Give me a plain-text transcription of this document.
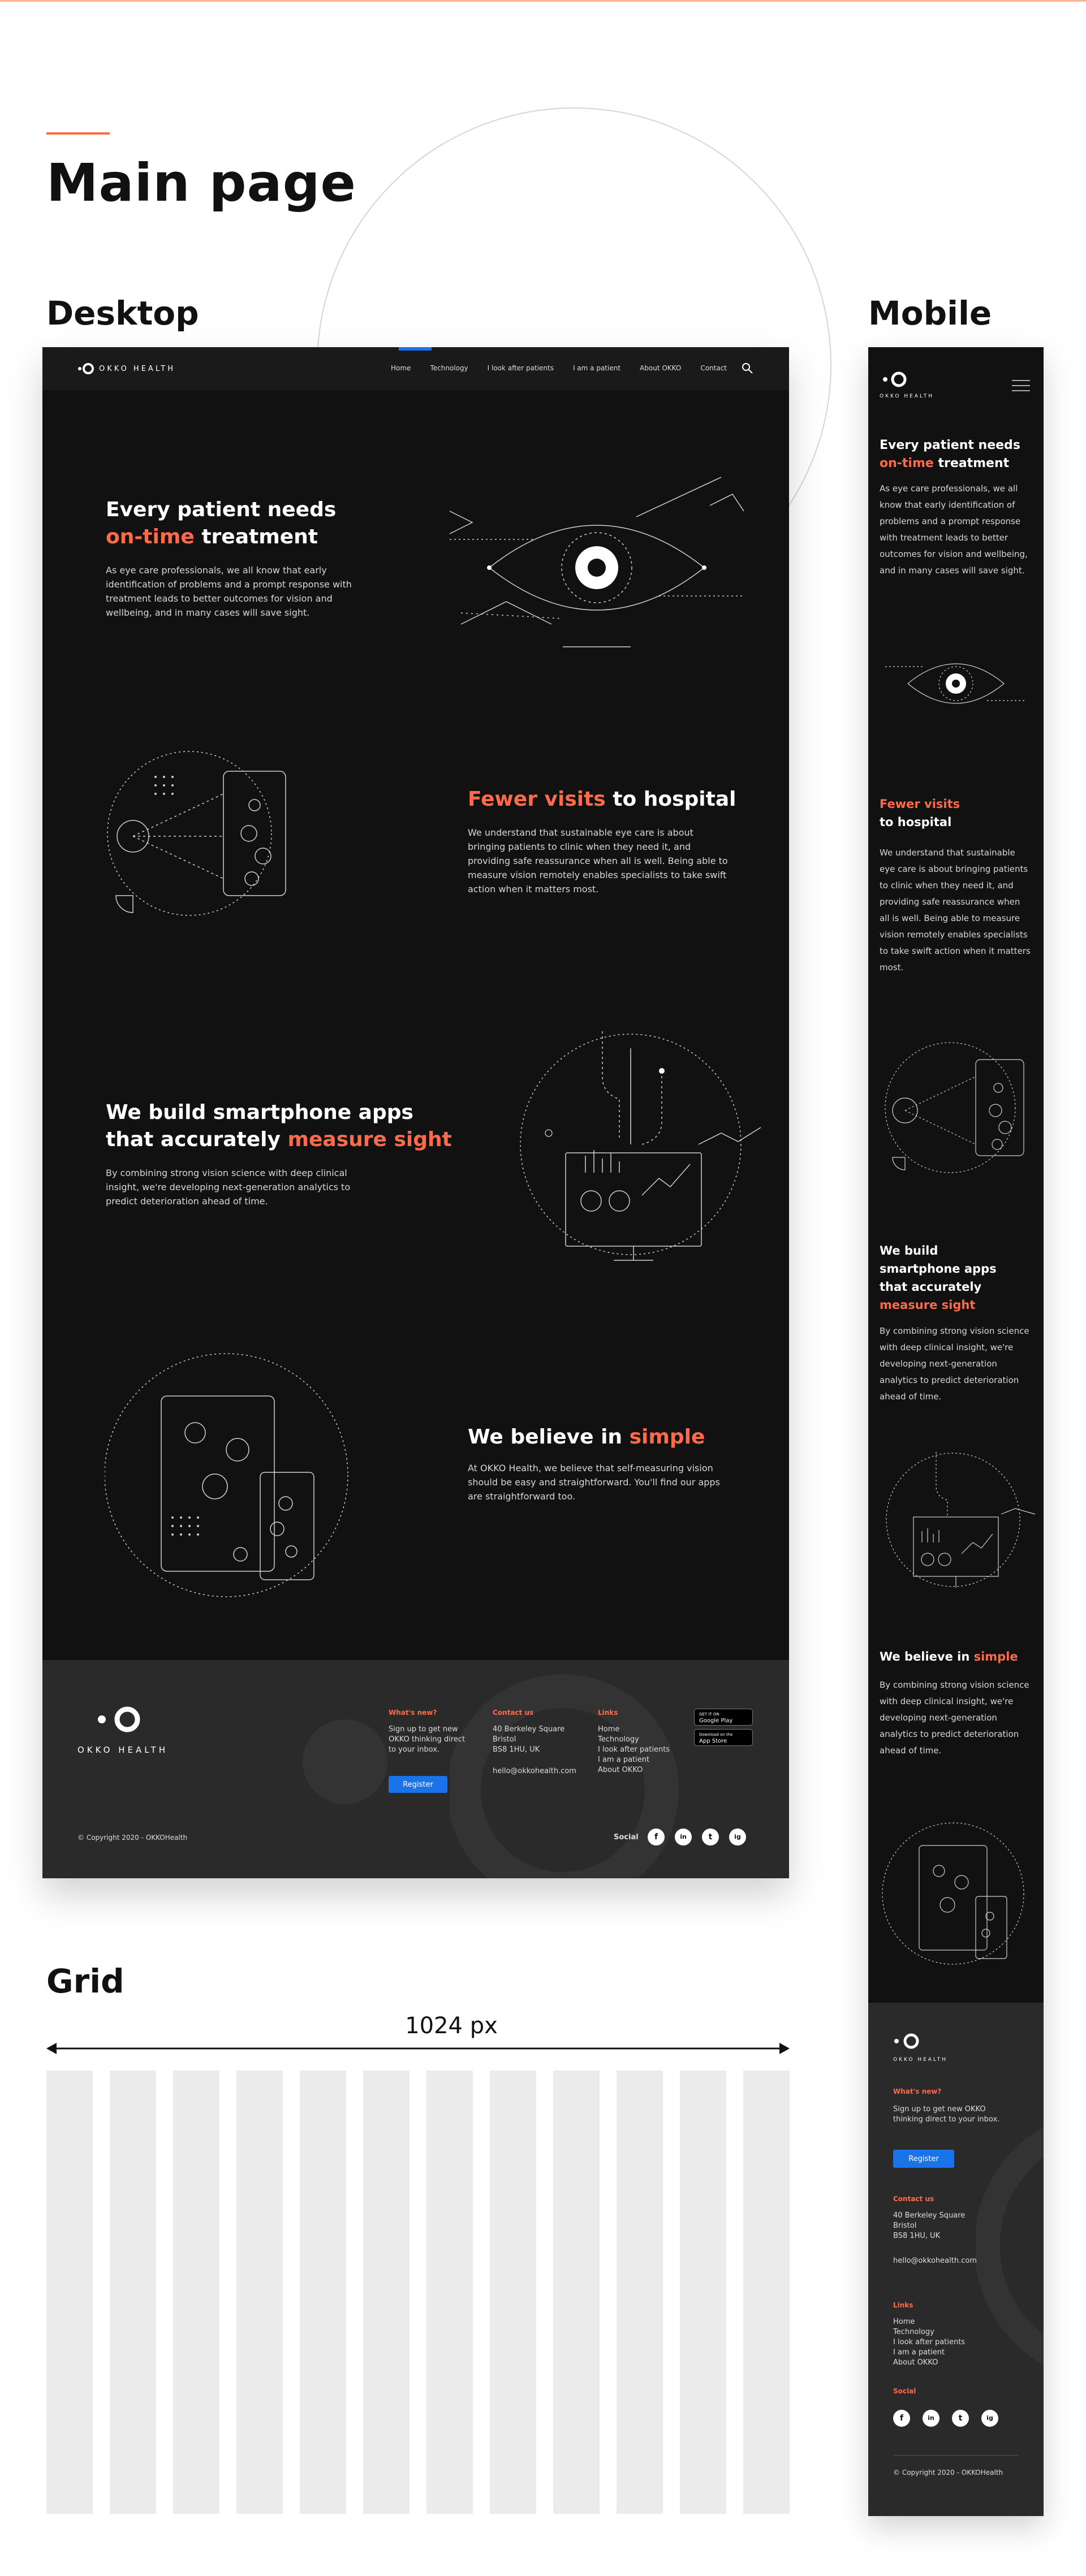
Main page
Desktop	Mobile
OKKO HEALTH	Home	Technology	I look after patients	I am a patient	About OKKO	Contact
Every patient needs
on-time treatment
As eye care professionals, we all know that early identification of problems and a prompt response with treatment leads to better outcomes for vision and wellbeing, and in many cases will save sight.
Fewer visits to hospital
We understand that sustainable eye care is about bringing patients to clinic when they need it, and providing safe reassurance when all is well. Being able to measure vision remotely enables specialists to take swift action when it matters most.
We build smartphone apps
that accurately measure sight
By combining strong vision science with deep clinical insight, we're developing next-generation analytics to predict deterioration ahead of time.
We believe in simple
At OKKO Health, we believe that self-measuring vision should be easy and straightforward. You'll find our apps are straightforward too.
OKKO HEALTH
What's new?
Sign up to get new OKKO thinking direct to your inbox.
Register
Contact us
40 Berkeley Square
Bristol
BS8 1HU, UK
hello@okkohealth.com
Links
Home
Technology
I look after patients
I am a patient
About OKKO
GET IT ON
Google Play
Download on the
App Store
© Copyright 2020 - OKKOHealth	Social	f	in	t	ig
OKKO HEALTH
Every patient needs
on-time treatment
As eye care professionals, we all know that early identification of problems and a prompt response with treatment leads to better outcomes for vision and wellbeing, and in many cases will save sight.
Fewer visits
to hospital
We understand that sustainable eye care is about bringing patients to clinic when they need it, and providing safe reassurance when all is well. Being able to measure vision remotely enables specialists to take swift action when it matters most.
We build
smartphone apps
that accurately
measure sight
By combining strong vision science with deep clinical insight, we're developing next-generation analytics to predict deterioration ahead of time.
We believe in simple
By combining strong vision science with deep clinical insight, we're developing next-generation analytics to predict deterioration ahead of time.
OKKO HEALTH
What's new?
Sign up to get new OKKO thinking direct to your inbox.
Register
Contact us
40 Berkeley Square
Bristol
BS8 1HU, UK
hello@okkohealth.com
Links
Home
Technology
I look after patients
I am a patient
About OKKO
Social
f	in	t	ig
© Copyright 2020 - OKKOHealth
Grid
1024 px
